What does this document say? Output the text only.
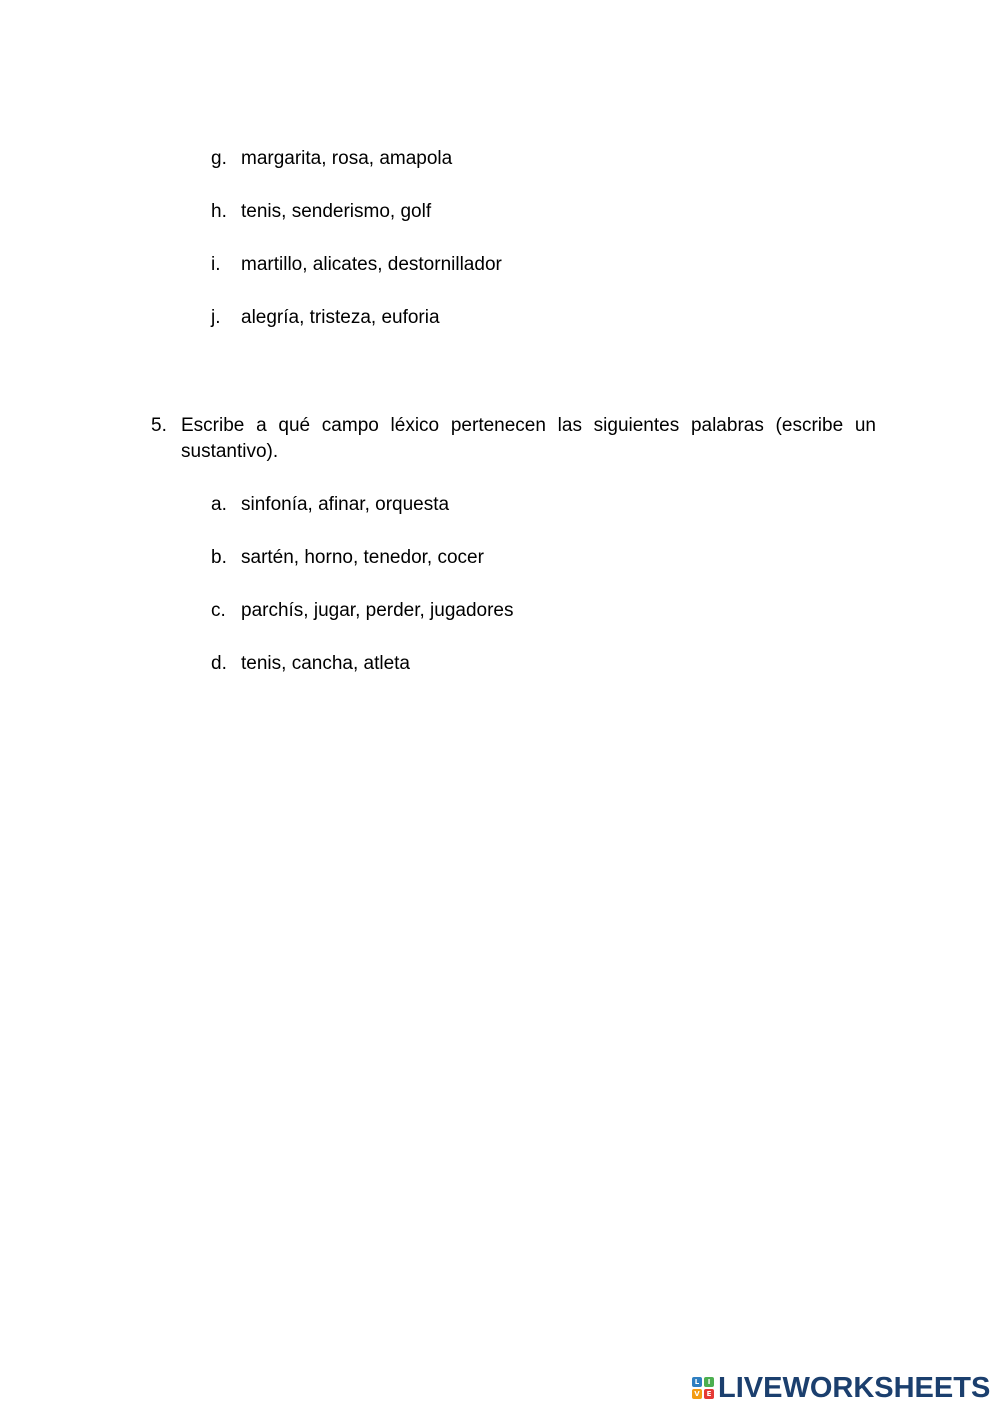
g. margarita, rosa, amapola
h. tenis, senderismo, golf
i. martillo, alicates, destornillador
j. alegría, tristeza, euforia
5. Escribe a qué campo léxico pertenecen las siguientes palabras (escribe un sustantivo).
a. sinfonía, afinar, orquesta
b. sartén, horno, tenedor, cocer
c. parchís, jugar, perder, jugadores
d. tenis, cancha, atleta
L	I
V E LIVEWORKSHEETS
